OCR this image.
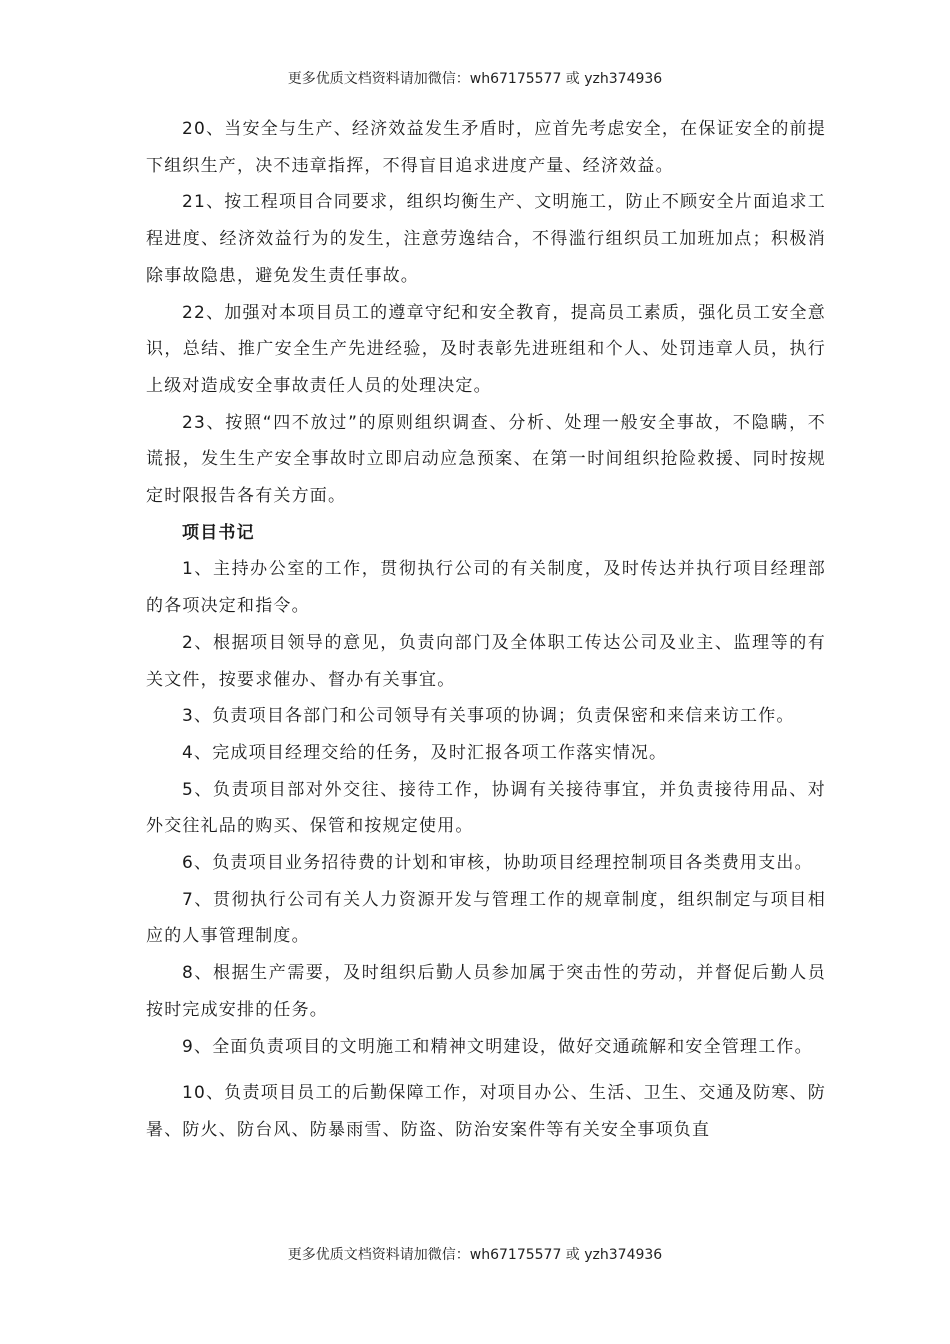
更多优质文档资料请加微信：wh67175577 或 yzh374936

20、当安全与生产、经济效益发生矛盾时，应首先考虑安全，在保证安全的前提下组织生产，决不违章指挥，不得盲目追求进度产量、经济效益。

21、按工程项目合同要求，组织均衡生产、文明施工，防止不顾安全片面追求工程进度、经济效益行为的发生，注意劳逸结合，不得滥行组织员工加班加点；积极消除事故隐患，避免发生责任事故。

22、加强对本项目员工的遵章守纪和安全教育，提高员工素质，强化员工安全意识，总结、推广安全生产先进经验，及时表彰先进班组和个人、处罚违章人员，执行上级对造成安全事故责任人员的处理决定。

23、按照“四不放过”的原则组织调查、分析、处理一般安全事故，不隐瞒，不谎报，发生生产安全事故时立即启动应急预案、在第一时间组织抢险救援、同时按规定时限报告各有关方面。

项目书记

1、主持办公室的工作，贯彻执行公司的有关制度，及时传达并执行项目经理部的各项决定和指令。

2、根据项目领导的意见，负责向部门及全体职工传达公司及业主、监理等的有关文件，按要求催办、督办有关事宜。

3、负责项目各部门和公司领导有关事项的协调；负责保密和来信来访工作。

4、完成项目经理交给的任务，及时汇报各项工作落实情况。

5、负责项目部对外交往、接待工作，协调有关接待事宜，并负责接待用品、对外交往礼品的购买、保管和按规定使用。

6、负责项目业务招待费的计划和审核，协助项目经理控制项目各类费用支出。

7、贯彻执行公司有关人力资源开发与管理工作的规章制度，组织制定与项目相应的人事管理制度。

8、根据生产需要，及时组织后勤人员参加属于突击性的劳动，并督促后勤人员按时完成安排的任务。

9、全面负责项目的文明施工和精神文明建设，做好交通疏解和安全管理工作。

10、负责项目员工的后勤保障工作，对项目办公、生活、卫生、交通及防寒、防暑、防火、防台风、防暴雨雪、防盗、防治安案件等有关安全事项负直

更多优质文档资料请加微信：wh67175577 或 yzh374936
